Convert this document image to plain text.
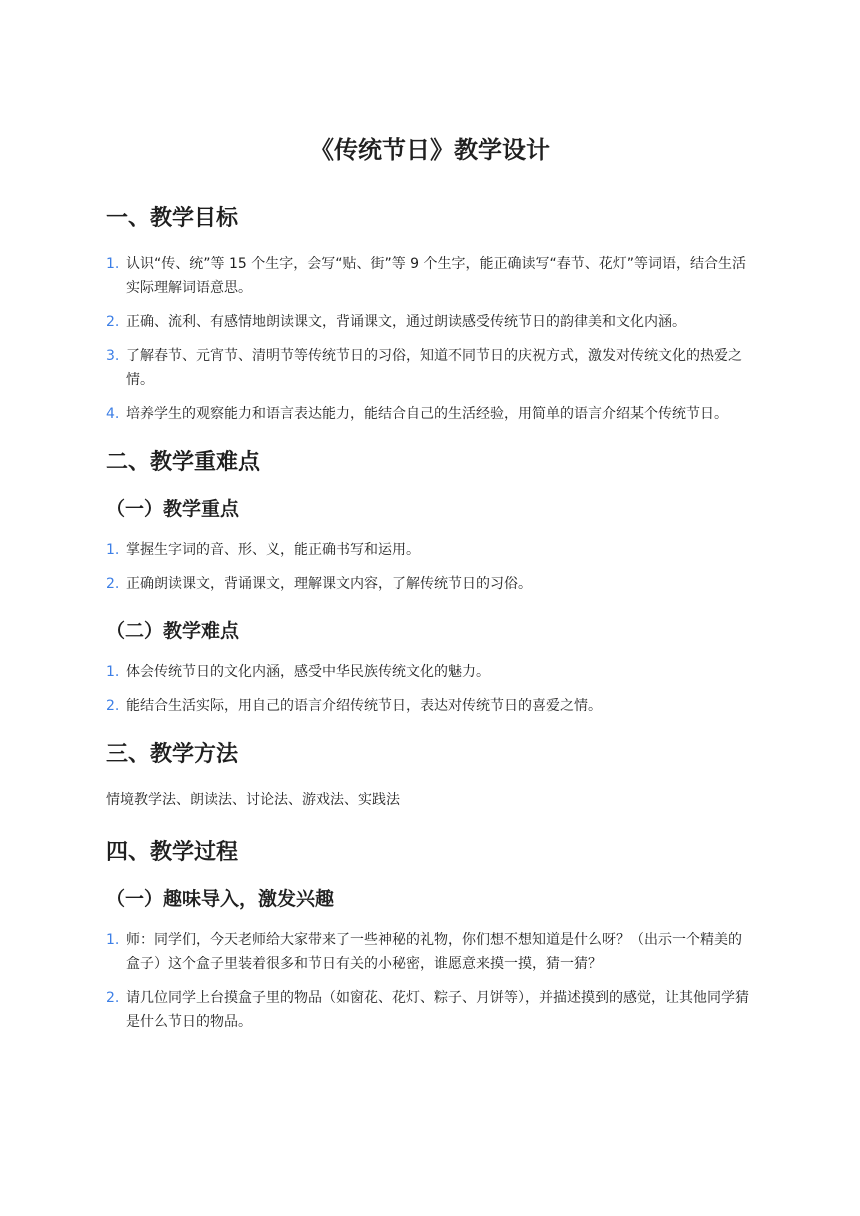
《传统节日》教学设计
一、教学目标
1. 认识“传、统”等 15 个生字，会写“贴、街”等 9 个生字，能正确读写“春节、花灯”等词语，结合生活实际理解词语意思。
2. 正确、流利、有感情地朗读课文，背诵课文，通过朗读感受传统节日的韵律美和文化内涵。
3. 了解春节、元宵节、清明节等传统节日的习俗，知道不同节日的庆祝方式，激发对传统文化的热爱之情。
4. 培养学生的观察能力和语言表达能力，能结合自己的生活经验，用简单的语言介绍某个传统节日。
二、教学重难点
（一）教学重点
1. 掌握生字词的音、形、义，能正确书写和运用。
2. 正确朗读课文，背诵课文，理解课文内容，了解传统节日的习俗。
（二）教学难点
1. 体会传统节日的文化内涵，感受中华民族传统文化的魅力。
2. 能结合生活实际，用自己的语言介绍传统节日，表达对传统节日的喜爱之情。
三、教学方法

情境教学法、朗读法、讨论法、游戏法、实践法

四、教学过程
（一）趣味导入，激发兴趣
1. 师：同学们，今天老师给大家带来了一些神秘的礼物，你们想不想知道是什么呀？（出示一个精美的盒子）这个盒子里装着很多和节日有关的小秘密，谁愿意来摸一摸，猜一猜？
2. 请几位同学上台摸盒子里的物品（如窗花、花灯、粽子、月饼等），并描述摸到的感觉，让其他同学猜是什么节日的物品。
